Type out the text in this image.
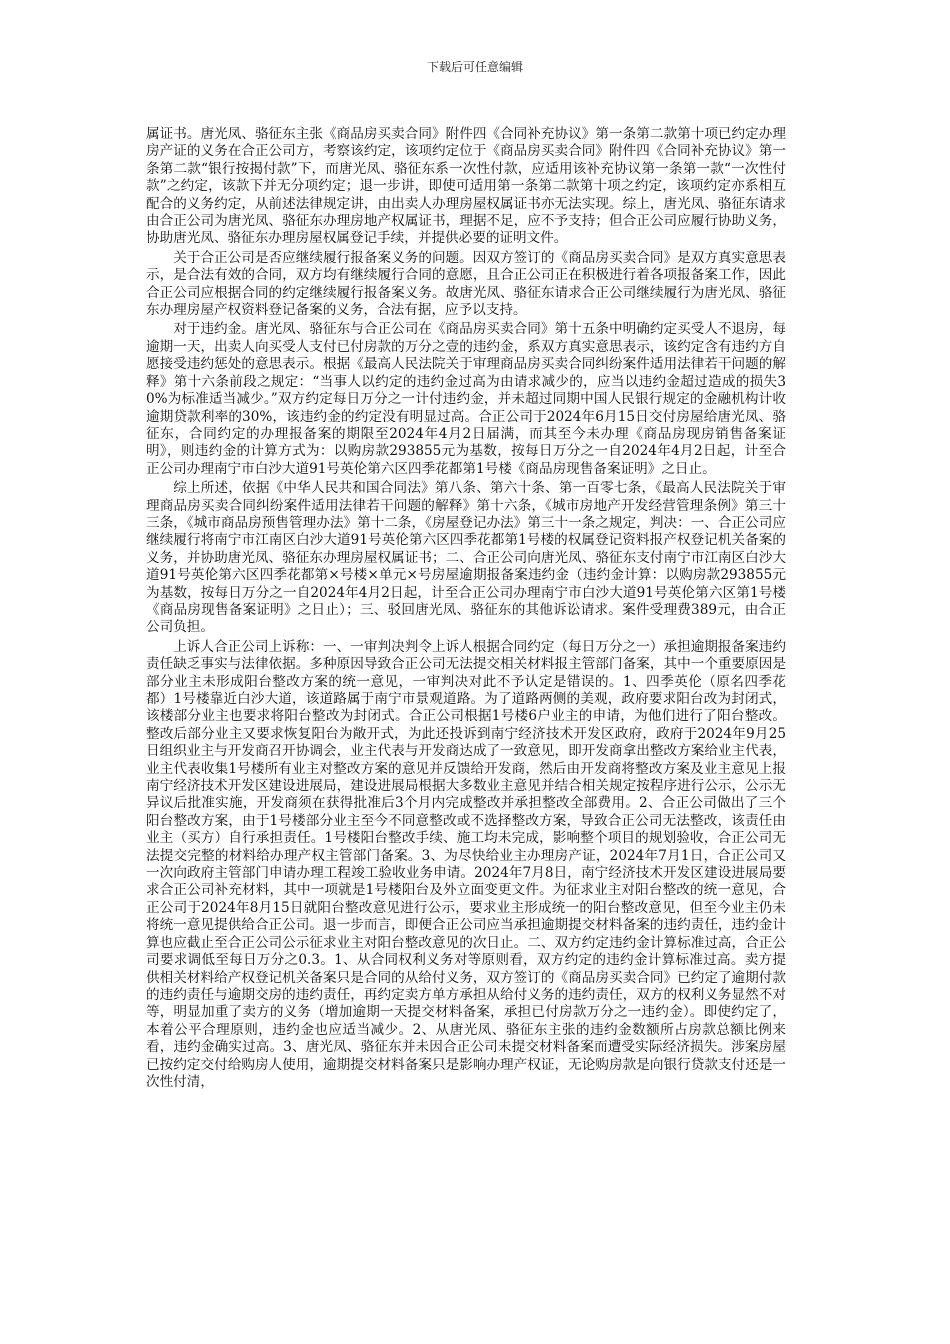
下载后可任意编辑

属证书。唐光凤、骆征东主张《商品房买卖合同》附件四《合同补充协议》第一条第二款第十项已约定办理房产证的义务在合正公司方，考察该约定，该项约定位于《商品房买卖合同》附件四《合同补充协议》第一条第二款“银行按揭付款”下，而唐光凤、骆征东系一次性付款，应适用该补充协议第一条第一款“一次性付款”之约定，该款下并无分项约定；退一步讲，即使可适用第一条第二款第十项之约定，该项约定亦系相互配合的义务约定，从前述法律规定讲，由出卖人办理房屋权属证书亦无法实现。综上，唐光凤、骆征东请求由合正公司为唐光凤、骆征东办理房地产权属证书，理据不足，应不予支持；但合正公司应履行协助义务，协助唐光凤、骆征东办理房屋权属登记手续，并提供必要的证明文件。

关于合正公司是否应继续履行报备案义务的问题。因双方签订的《商品房买卖合同》是双方真实意思表示，是合法有效的合同，双方均有继续履行合同的意愿，且合正公司正在积极进行着各项报备案工作，因此合正公司应根据合同的约定继续履行报备案义务。故唐光凤、骆征东请求合正公司继续履行为唐光凤、骆征东办理房屋产权资料登记备案的义务，合法有据，应予以支持。

对于违约金。唐光凤、骆征东与合正公司在《商品房买卖合同》第十五条中明确约定买受人不退房，每逾期一天，出卖人向买受人支付已付房款的万分之壹的违约金，系双方真实意思表示，该约定含有违约方自愿接受违约惩处的意思表示。根据《最高人民法院关于审理商品房买卖合同纠纷案件适用法律若干问题的解释》第十六条前段之规定：“当事人以约定的违约金过高为由请求减少的，应当以违约金超过造成的损失30%为标准适当减少。”双方约定每日万分之一计付违约金，并未超过同期中国人民银行规定的金融机构计收逾期贷款利率的30%，该违约金的约定没有明显过高。合正公司于2024年6月15日交付房屋给唐光凤、骆征东，合同约定的办理报备案的期限至2024年4月2日届满，而其至今未办理《商品房现房销售备案证明》，则违约金的计算方式为：以购房款293855元为基数，按每日万分之一自2024年4月2日起，计至合正公司办理南宁市白沙大道91号英伦第六区四季花都第1号楼《商品房现售备案证明》之日止。

综上所述，依据《中华人民共和国合同法》第八条、第六十条、第一百零七条，《最高人民法院关于审理商品房买卖合同纠纷案件适用法律若干问题的解释》第十六条，《城市房地产开发经营管理条例》第三十三条，《城市商品房预售管理办法》第十二条，《房屋登记办法》第三十一条之规定，判决：一、合正公司应继续履行将南宁市江南区白沙大道91号英伦第六区四季花都第1号楼的权属登记资料报产权登记机关备案的义务，并协助唐光凤、骆征东办理房屋权属证书；二、合正公司向唐光凤、骆征东支付南宁市江南区白沙大道91号英伦第六区四季花都第×号楼×单元×号房屋逾期报备案违约金（违约金计算：以购房款293855元为基数，按每日万分之一自2024年4月2日起，计至合正公司办理南宁市白沙大道91号英伦第六区第1号楼《商品房现售备案证明》之日止）；三、驳回唐光凤、骆征东的其他诉讼请求。案件受理费389元，由合正公司负担。

上诉人合正公司上诉称：一、一审判决判令上诉人根据合同约定（每日万分之一）承担逾期报备案违约责任缺乏事实与法律依据。多种原因导致合正公司无法提交相关材料报主管部门备案，其中一个重要原因是部分业主未形成阳台整改方案的统一意见，一审判决对此不予认定是错误的。1、四季英伦（原名四季花都）1号楼靠近白沙大道，该道路属于南宁市景观道路。为了道路两侧的美观，政府要求阳台改为封闭式，该楼部分业主也要求将阳台整改为封闭式。合正公司根据1号楼6户业主的申请，为他们进行了阳台整改。整改后部分业主又要求恢复阳台为敞开式，为此还投诉到南宁经济技术开发区政府，政府于2024年9月25日组织业主与开发商召开协调会，业主代表与开发商达成了一致意见，即开发商拿出整改方案给业主代表，业主代表收集1号楼所有业主对整改方案的意见并反馈给开发商，然后由开发商将整改方案及业主意见上报南宁经济技术开发区建设进展局，建设进展局根据大多数业主意见并结合相关规定按程序进行公示，公示无异议后批准实施，开发商须在获得批准后3个月内完成整改并承担整改全部费用。2、合正公司做出了三个阳台整改方案，由于1号楼部分业主至今不同意整改或不选择整改方案，导致合正公司无法整改，该责任由业主（买方）自行承担责任。1号楼阳台整改手续、施工均未完成，影响整个项目的规划验收，合正公司无法提交完整的材料给办理产权主管部门备案。3、为尽快给业主办理房产证，2024年7月1日，合正公司又一次向政府主管部门申请办理工程竣工验收业务申请。2024年7月8日，南宁经济技术开发区建设进展局要求合正公司补充材料，其中一项就是1号楼阳台及外立面变更文件。为征求业主对阳台整改的统一意见，合正公司于2024年8月15日就阳台整改意见进行公示，要求业主形成统一的阳台整改意见，但至今业主仍未将统一意见提供给合正公司。退一步而言，即便合正公司应当承担逾期提交材料备案的违约责任，违约金计算也应截止至合正公司公示征求业主对阳台整改意见的次日止。二、双方约定违约金计算标准过高，合正公司要求调低至每日万分之0.3。1、从合同权利义务对等原则看，双方约定的违约金计算标准过高。卖方提供相关材料给产权登记机关备案只是合同的从给付义务，双方签订的《商品房买卖合同》已约定了逾期付款的违约责任与逾期交房的违约责任，再约定卖方单方承担从给付义务的违约责任，双方的权利义务显然不对等，明显加重了卖方的义务（增加逾期一天提交材料备案，承担已付房款万分之一违约金）。即使约定了，本着公平合理原则，违约金也应适当减少。2、从唐光凤、骆征东主张的违约金数额所占房款总额比例来看，违约金确实过高。3、唐光凤、骆征东并未因合正公司未提交材料备案而遭受实际经济损失。涉案房屋已按约定交付给购房人使用，逾期提交材料备案只是影响办理产权证，无论购房款是向银行贷款支付还是一次性付清，
